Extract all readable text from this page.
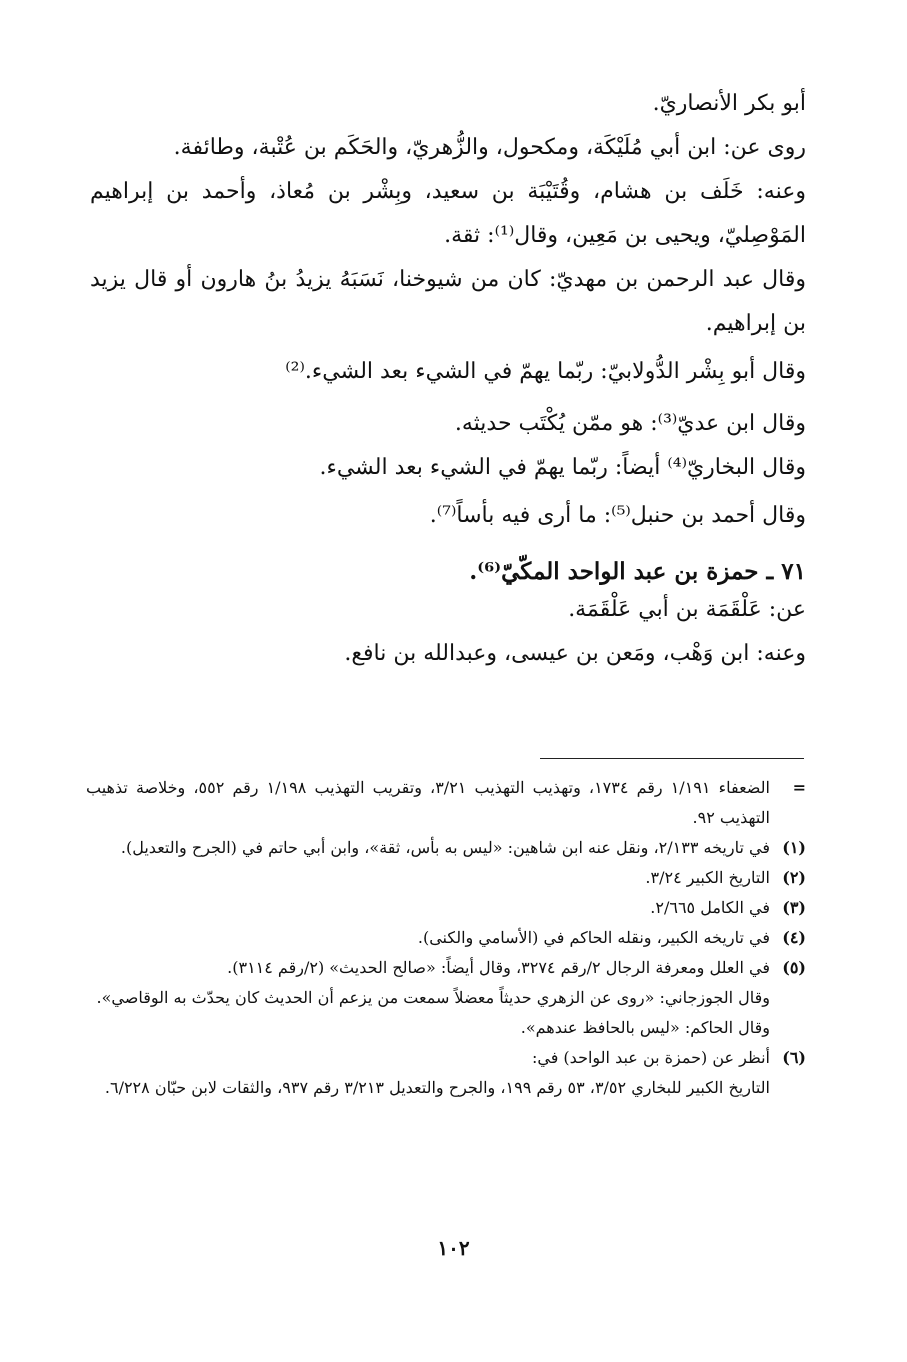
أبو بكر الأنصاريّ.

روى عن: ابن أبي مُلَيْكَة، ومكحول، والزُّهريّ، والحَكَم بن عُتْبة، وطائفة.

وعنه: خَلَف بن هشام، وقُتَيْبَة بن سعيد، وبِشْر بن مُعاذ، وأحمد بن إبراهيم المَوْصِليّ، ويحيى بن مَعِين، وقال⁽¹⁾: ثقة.

وقال عبد الرحمن بن مهديّ: كان من شيوخنا، نَسَبَهُ يزيدُ بنُ هارون أو قال يزيد بن إبراهيم.

وقال أبو بِشْر الدُّولابيّ: ربّما يهمّ في الشيء بعد الشيء.⁽²⁾

وقال ابن عديّ⁽³⁾: هو ممّن يُكْتَب حديثه.

وقال البخاريّ⁽⁴⁾ أيضاً: ربّما يهمّ في الشيء بعد الشيء.

وقال أحمد بن حنبل⁽⁵⁾: ما أرى فيه بأساً⁽⁷⁾.

٧١ ـ حمزة بن عبد الواحد المكّيّ⁽⁶⁾.

عن: عَلْقَمَة بن أبي عَلْقَمَة.

وعنه: ابن وَهْب، ومَعن بن عيسى، وعبدالله بن نافع.

=
الضعفاء ١/١٩١ رقم ١٧٣٤، وتهذيب التهذيب ٣/٢١، وتقريب التهذيب ١/١٩٨ رقم ٥٥٢، وخلاصة تذهيب التهذيب ٩٢.
(١)
في تاريخه ٢/١٣٣، ونقل عنه ابن شاهين: «ليس به بأس، ثقة»، وابن أبي حاتم في (الجرح والتعديل).
(٢)
التاريخ الكبير ٣/٢٤.
(٣)
في الكامل ٢/٦٦٥.
(٤)
في تاريخه الكبير، ونقله الحاكم في (الأسامي والكنى).
(٥)
في العلل ومعرفة الرجال ٢/رقم ٣٢٧٤، وقال أيضاً: «صالح الحديث» (٢/رقم ٣١١٤).
وقال الجوزجاني: «روى عن الزهري حديثاً معضلاً سمعت من يزعم أن الحديث كان يحدّث به الوقاصي».
وقال الحاكم: «ليس بالحافظ عندهم».
(٦)
أنظر عن (حمزة بن عبد الواحد) في:
التاريخ الكبير للبخاري ٣/٥٢، ٥٣ رقم ١٩٩، والجرح والتعديل ٣/٢١٣ رقم ٩٣٧، والثقات لابن حبّان ٦/٢٢٨.
١٠٢
